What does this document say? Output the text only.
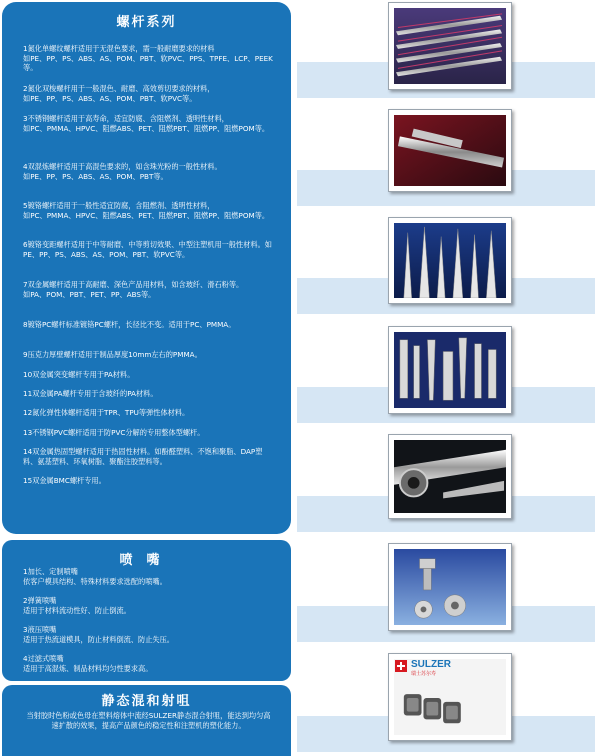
螺杆系列
1氮化单螺纹螺杆适用于无混色要求，需一般耐磨要求的材料
如PE、PP、PS、ABS、AS、POM、PBT、软PVC、PPS、TPFE、LCP、PEEK等。
2氮化双梭螺杆用于一般混色、耐磨、高效剪切要求的材料，
如PE、PP、PS、ABS、AS、POM、PBT、软PVC等。
3不锈钢螺杆适用于高寿命，适宜防腐、含阻燃剂、透明性材料，
如PC、PMMA、HPVC、阻燃ABS、PET、阻燃PBT、阻燃PP、阻燃POM等。
4双混炼螺杆适用于高混色要求的，如含珠光粉的一般性材料。
如PE、PP、PS、ABS、AS、POM、PBT等。
5镀铬螺杆适用于一般性适宜防腐，含阻燃剂、透明性材料，
如PC、PMMA、HPVC、阻燃ABS、PET、阻燃PBT、阻燃PP、阻燃POM等。
6镀铬变距螺杆适用于中等耐磨、中等剪切效果、中型注塑机用一般性材料。如PE、PP、PS、ABS、AS、POM、PBT、软PVC等。
7双金属螺杆适用于高耐磨、深色产品用材料，如含玻纤、滑石粉等。
如PA、POM、PBT、PET、PP、ABS等。
8镀铬PC螺杆标准镀铬PC螺杆，长径比不变。适用于PC、PMMA。
9压克力厚壁螺杆适用于制品厚度10mm左右的PMMA。
10双金属突变螺杆专用于PA材料。
11双金属PA螺杆专用于含玻纤的PA材料。
12氮化弹性体螺杆适用于TPR、TPU等弹性体材料。
13不锈钢PVC螺杆适用于防PVC分解的专用整体型螺杆。
14双金属热固型螺杆适用于热固性材料。如酚醛塑料、不饱和聚脂、DAP塑料、氨基塑料、环氧树脂、聚酯注胶塑料等。
15双金属BMC螺杆专用。
喷嘴
1加长、定制喷嘴
依客户模具结构、特殊材料要求选配的喷嘴。
2弹簧喷嘴
适用于材料流动性好、防止倒流。
3液压喷嘴
适用于热流道模具，防止材料倒流、防止失压。
4过滤式喷嘴
适用于高混炼、制品材料均匀性要求高。
静态混和射咀
当射胶时色粉或色母在塑料熔体中流经SULZER静态混合射咀，能达到均匀高速扩散的效果，提高产品颜色的稳定性和注塑机的塑化能力。
SULZER
瑞士苏尔寿
